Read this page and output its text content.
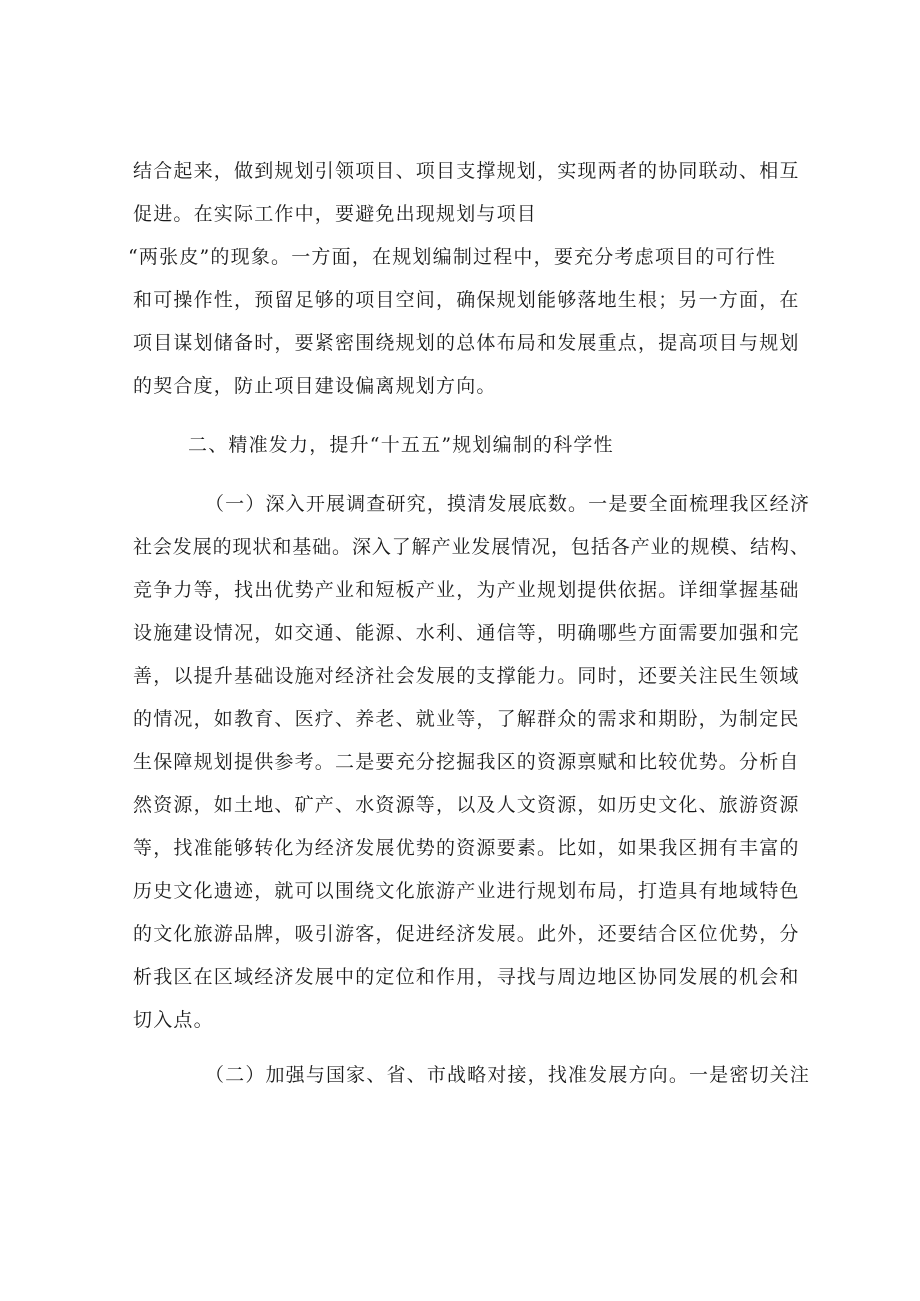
结合起来，做到规划引领项目、项目支撑规划，实现两者的协同联动、相互
促进。在实际工作中，要避免出现规划与项目
“两张皮”的现象。一方面，在规划编制过程中，要充分考虑项目的可行性
和可操作性，预留足够的项目空间，确保规划能够落地生根；另一方面，在
项目谋划储备时，要紧密围绕规划的总体布局和发展重点，提高项目与规划
的契合度，防止项目建设偏离规划方向。
二、精准发力，提升“十五五”规划编制的科学性
（一）深入开展调查研究，摸清发展底数。一是要全面梳理我区经济
社会发展的现状和基础。深入了解产业发展情况，包括各产业的规模、结构、
竞争力等，找出优势产业和短板产业，为产业规划提供依据。详细掌握基础
设施建设情况，如交通、能源、水利、通信等，明确哪些方面需要加强和完
善，以提升基础设施对经济社会发展的支撑能力。同时，还要关注民生领域
的情况，如教育、医疗、养老、就业等，了解群众的需求和期盼，为制定民
生保障规划提供参考。二是要充分挖掘我区的资源禀赋和比较优势。分析自
然资源，如土地、矿产、水资源等，以及人文资源，如历史文化、旅游资源
等，找准能够转化为经济发展优势的资源要素。比如，如果我区拥有丰富的
历史文化遗迹，就可以围绕文化旅游产业进行规划布局，打造具有地域特色
的文化旅游品牌，吸引游客，促进经济发展。此外，还要结合区位优势，分
析我区在区域经济发展中的定位和作用，寻找与周边地区协同发展的机会和
切入点。
（二）加强与国家、省、市战略对接，找准发展方向。一是密切关注
